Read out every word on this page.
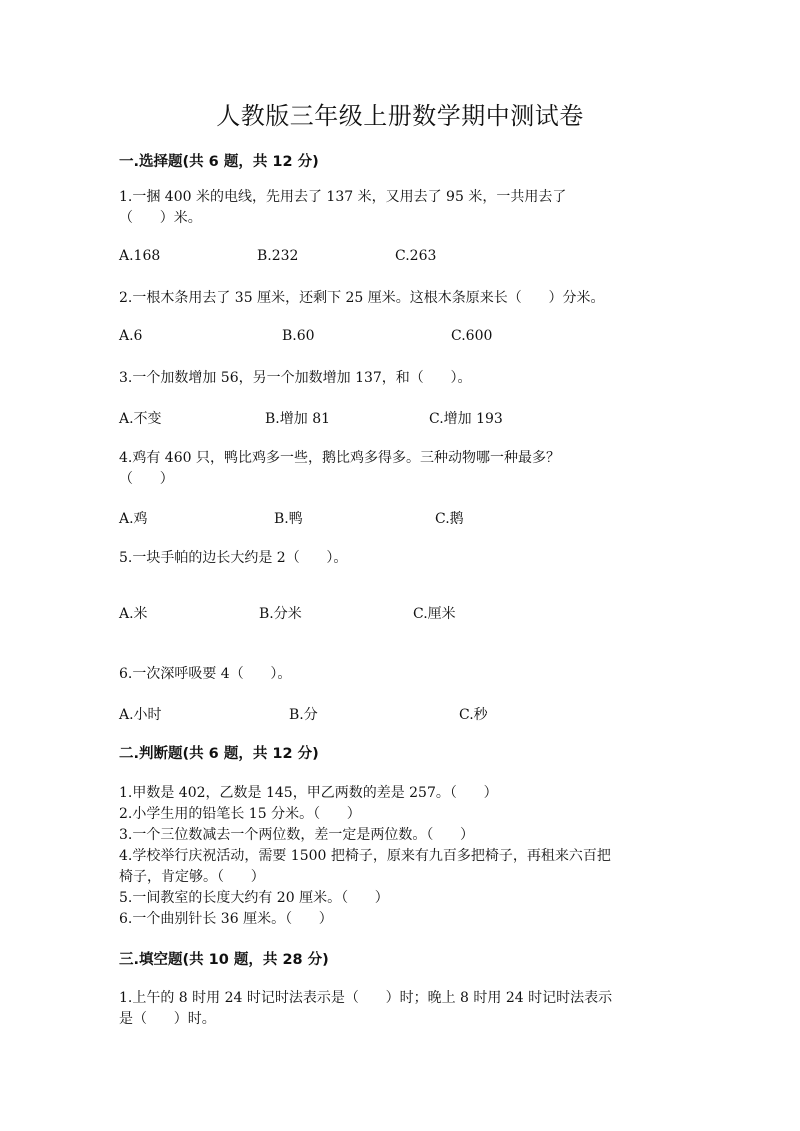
人教版三年级上册数学期中测试卷
一.选择题(共 6 题，共 12 分)
1.一捆 400 米的电线，先用去了 137 米，又用去了 95 米，一共用去了
（      ）米。
A.168	B.232	C.263
2.一根木条用去了 35 厘米，还剩下 25 厘米。这根木条原来长（      ）分米。
A.6	B.60	C.600
3.一个加数增加 56，另一个加数增加 137，和（      ）。
A.不变	B.增加 81	C.增加 193
4.鸡有 460 只，鸭比鸡多一些，鹅比鸡多得多。三种动物哪一种最多？
（      ）
A.鸡	B.鸭	C.鹅
5.一块手帕的边长大约是 2（      ）。
A.米	B.分米	C.厘米
6.一次深呼吸要 4（      ）。
A.小时	B.分	C.秒
二.判断题(共 6 题，共 12 分)
1.甲数是 402，乙数是 145，甲乙两数的差是 257。（      ）
2.小学生用的铅笔长 15 分米。（      ）
3.一个三位数减去一个两位数，差一定是两位数。（      ）
4.学校举行庆祝活动，需要 1500 把椅子，原来有九百多把椅子，再租来六百把
椅子，肯定够。（      ）
5.一间教室的长度大约有 20 厘米。（      ）
6.一个曲别针长 36 厘米。（      ）
三.填空题(共 10 题，共 28 分)
1.上午的 8 时用 24 时记时法表示是（      ）时；晚上 8 时用 24 时记时法表示
是（      ）时。
